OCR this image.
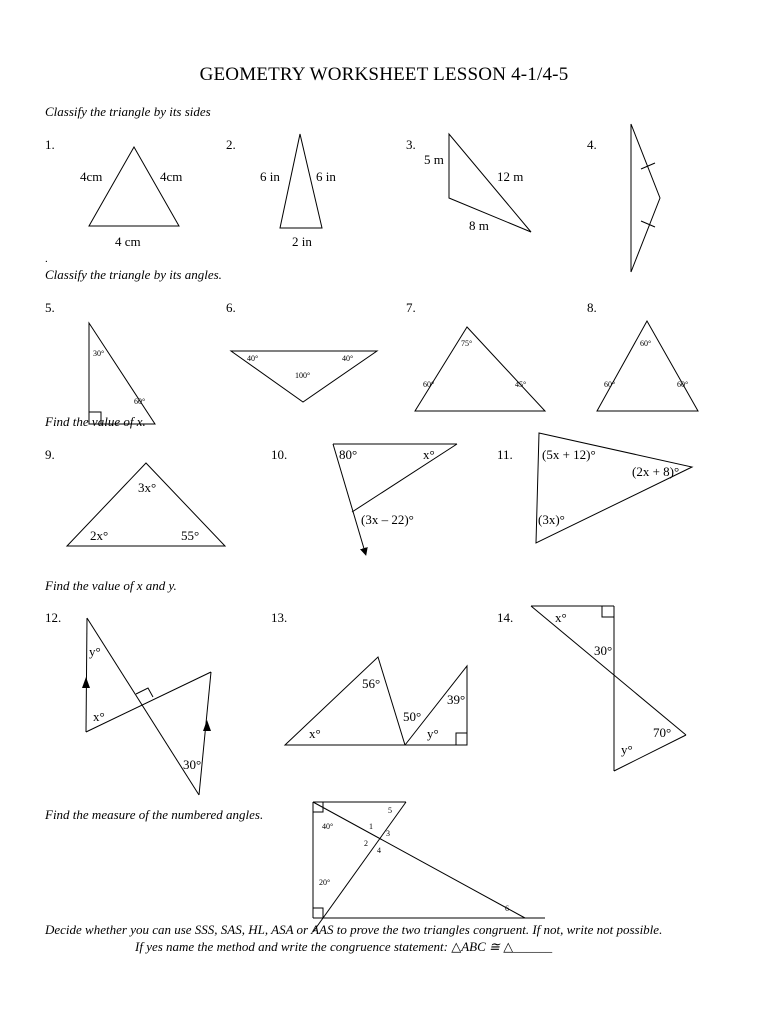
GEOMETRY WORKSHEET LESSON 4-1/4-5
Classify the triangle by its sides
.
Classify the triangle by its angles.
Find the value of x.
Find the value of x and y.
Find the measure of the numbered angles.
Decide whether you can use SSS, SAS, HL, ASA or AAS to prove the two triangles congruent. If not, write not possible.
If yes name the method and write the congruence statement: △ABC ≅ △______
1.	2.	3.	4.
5.	6.	7.	8.
9.	10.	11.
12.	13.	14.
4cm	4cm
4 cm
6 in	6 in
2 in
5 m
12 m
8 m
30°
60°
40°	40°
100°
75°
60°	45°
60°
60°	60°
3x°
2x°	55°
80°	x°
(3x – 22)°
(5x + 12)°
(2x + 8)°
(3x)°
y°
x°
30°
56°
50°
39°
x°	y°
x°
30°
70°
y°
40°
20°
1
2
3
4
5
6
